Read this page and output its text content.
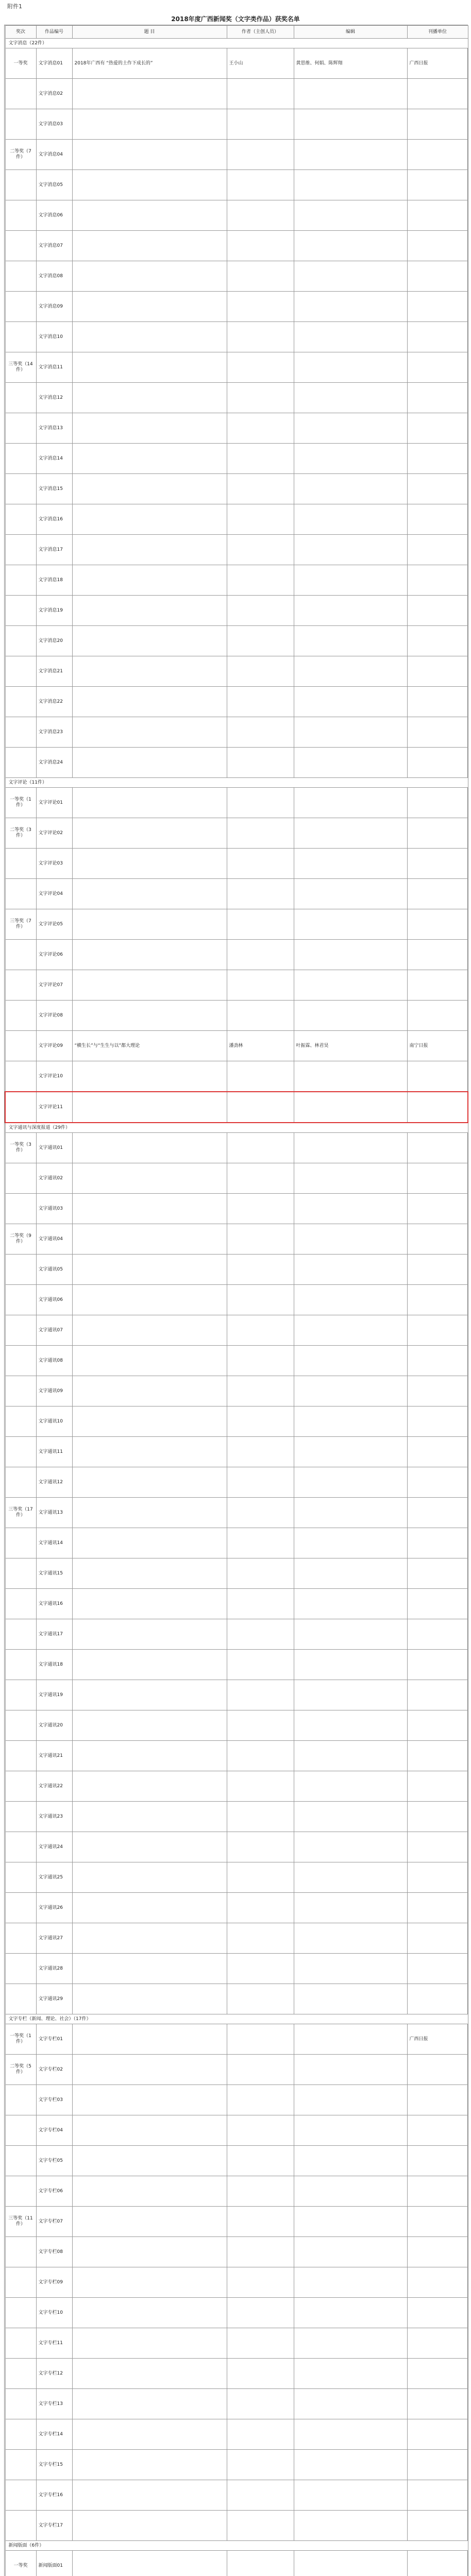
附件1
2018年度广西新闻奖（文字类作品）获奖名单
奖次	作品编号	题 目	作者（主创人员）	编辑	刊播单位
文字消息（22件）					
一等奖	文字消息01	2018年广西有 “热爱的土作下成长的”	王小山	黄思维、何娟、陈辉翔	广西日报
	文字消息02				
	文字消息03				
二等奖（7件）	文字消息04				
	文字消息05				
	文字消息06				
	文字消息07				
	文字消息08				
	文字消息09				
	文字消息10				
三等奖（14件）	文字消息11				
	文字消息12				
	文字消息13				
	文字消息14				
	文字消息15				
	文字消息16				
	文字消息17				
	文字消息18				
	文字消息19				
	文字消息20				
	文字消息21				
	文字消息22				
	文字消息23				
	文字消息24				
文字评论（11件）					
一等奖（1件）	文字评论01				
二等奖（3件）	文字评论02				
	文字评论03				
	文字评论04				
三等奖（7件）	文字评论05				
	文字评论06				
	文字评论07				
	文字评论08				
	文字评论09	“横生长”与“生生与以”都大理论	潘劲林	叶振霖、林君昊	南宁日报
	文字评论10				
	文字评论11				
文字通讯与深度报道（29件）					
一等奖（3件）	文字通讯01				
	文字通讯02				
	文字通讯03				
二等奖（9件）	文字通讯04				
	文字通讯05				
	文字通讯06				
	文字通讯07				
	文字通讯08				
	文字通讯09				
	文字通讯10				
	文字通讯11				
	文字通讯12				
三等奖（17件）	文字通讯13				
	文字通讯14				
	文字通讯15				
	文字通讯16				
	文字通讯17				
	文字通讯18				
	文字通讯19				
	文字通讯20				
	文字通讯21				
	文字通讯22				
	文字通讯23				
	文字通讯24				
	文字通讯25				
	文字通讯26				
	文字通讯27				
	文字通讯28				
	文字通讯29				
文字专栏（新闻、理论、社会）（17件）					
一等奖（1件）	文字专栏01				广西日报
二等奖（5件）	文字专栏02				
	文字专栏03				
	文字专栏04				
	文字专栏05				
	文字专栏06				
三等奖（11件）	文字专栏07				
	文字专栏08				
	文字专栏09				
	文字专栏10				
	文字专栏11				
	文字专栏12				
	文字专栏13				
	文字专栏14				
	文字专栏15				
	文字专栏16				
	文字专栏17				
新闻版面（6件）					
一等奖	新闻版面01				
